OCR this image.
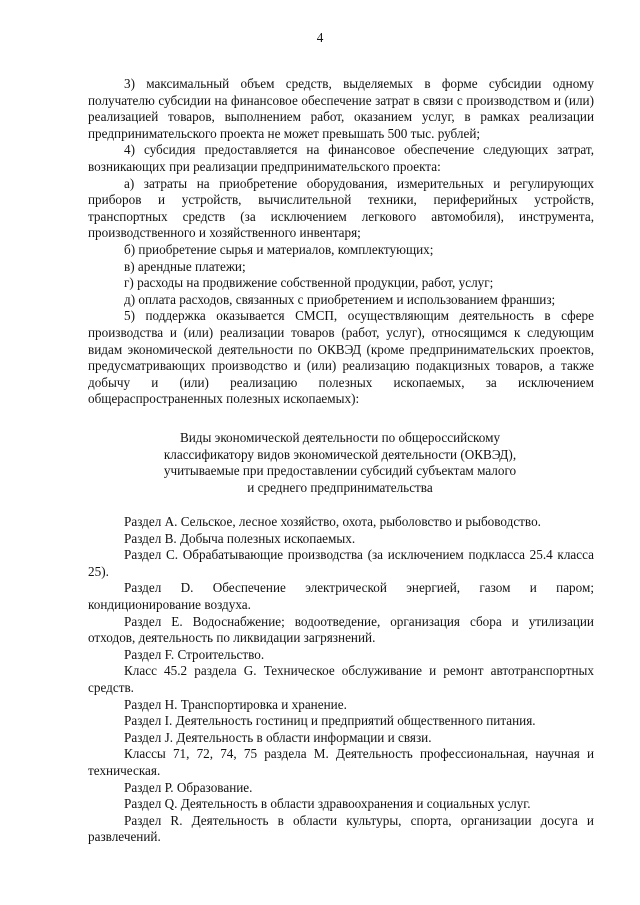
4

3) максимальный объем средств, выделяемых в форме субсидии одному получателю субсидии на финансовое обеспечение затрат в связи с производством и (или) реализацией товаров, выполнением работ, оказанием услуг, в рамках реализации предпринимательского проекта не может превышать 500 тыс. рублей;

4) субсидия предоставляется на финансовое обеспечение следующих затрат, возникающих при реализации предпринимательского проекта:

а) затраты на приобретение оборудования, измерительных и регулирующих приборов и устройств, вычислительной техники, периферийных устройств, транспортных средств (за исключением легкового автомобиля), инструмента, производственного и хозяйственного инвентаря;

б) приобретение сырья и материалов, комплектующих;

в) арендные платежи;

г) расходы на продвижение собственной продукции, работ, услуг;

д) оплата расходов, связанных с приобретением и использованием франшиз;

5) поддержка оказывается СМСП, осуществляющим деятельность в сфере производства и (или) реализации товаров (работ, услуг), относящимся к следующим видам экономической деятельности по ОКВЭД (кроме предпринимательских проектов, предусматривающих производство и (или) реализацию подакцизных товаров, а также добычу и (или) реализацию полезных ископаемых, за исключением общераспространенных полезных ископаемых):

Виды экономической деятельности по общероссийскому
классификатору видов экономической деятельности (ОКВЭД),
учитываемые при предоставлении субсидий субъектам малого
и среднего предпринимательства

Раздел А. Сельское, лесное хозяйство, охота, рыболовство и рыбоводство.

Раздел В. Добыча полезных ископаемых.

Раздел С. Обрабатывающие производства (за исключением подкласса 25.4 класса 25).

Раздел D. Обеспечение электрической энергией, газом и паром; кондиционирование воздуха.

Раздел Е. Водоснабжение; водоотведение, организация сбора и утилизации отходов, деятельность по ликвидации загрязнений.

Раздел F. Строительство.

Класс 45.2 раздела G. Техническое обслуживание и ремонт автотранспортных средств.

Раздел Н. Транспортировка и хранение.

Раздел I. Деятельность гостиниц и предприятий общественного питания.

Раздел J. Деятельность в области информации и связи.

Классы 71, 72, 74, 75 раздела М. Деятельность профессиональная, научная и техническая.

Раздел Р. Образование.

Раздел Q. Деятельность в области здравоохранения и социальных услуг.

Раздел R. Деятельность в области культуры, спорта, организации досуга и развлечений.
